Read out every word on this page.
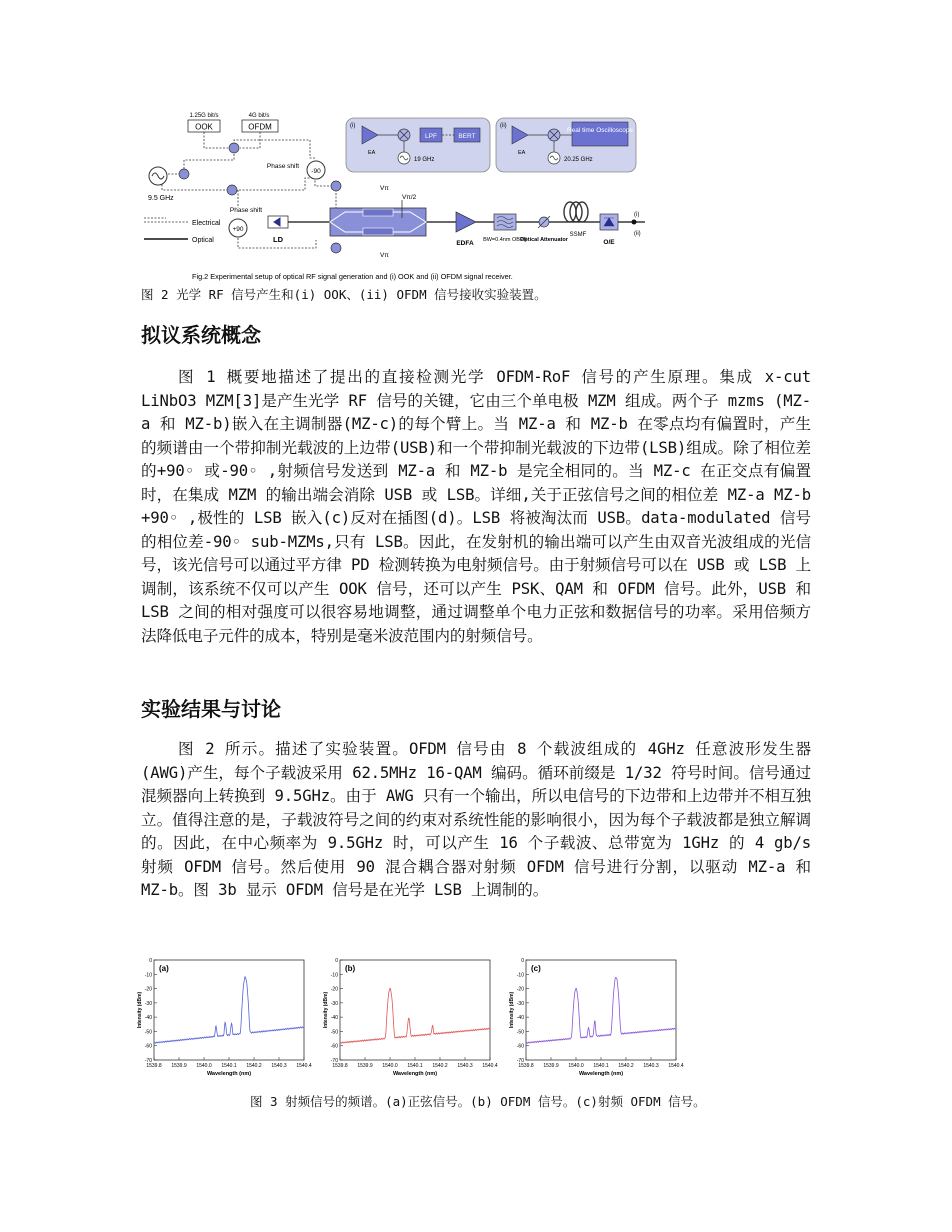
1.25G bit/s
OOK
4G bit/s
OFDM
9.5 GHz
Phase shift
-90
Phase shift
+90
Electrical
Optical	LD
Vπ
Vπ/2
Vπ
EDFA BW=0.4nm OBPF
Optical Attenuator
SSMF
O/E
(i)
(ii)
(i)
EA
19 GHz
LPF	BERT
(ii)
EA
20.25 GHz
Real time Oscilloscope
Fig.2 Experimental setup of optical RF signal generation and (i) OOK and (ii) OFDM signal receiver.
图 2 光学 RF 信号产生和(i) OOK、(ii) OFDM 信号接收实验装置。
拟议系统概念

图 1 概要地描述了提出的直接检测光学 OFDM-RoF 信号的产生原理。集成 x-cut LiNbO3 MZM[3]是产生光学 RF 信号的关键，它由三个单电极 MZM 组成。两个子 mzms (MZ-a 和 MZ-b)嵌入在主调制器(MZ-c)的每个臂上。当 MZ-a 和 MZ-b 在零点均有偏置时，产生的频谱由一个带抑制光载波的上边带(USB)和一个带抑制光载波的下边带(LSB)组成。除了相位差的+90◦ 或-90◦ ,射频信号发送到 MZ-a 和 MZ-b 是完全相同的。当 MZ-c 在正交点有偏置时，在集成 MZM 的输出端会消除 USB 或 LSB。详细,关于正弦信号之间的相位差 MZ-a MZ-b +90◦ ,极性的 LSB 嵌入(c)反对在插图(d)。LSB 将被淘汰而 USB。data-modulated 信号的相位差-90◦ sub-MZMs,只有 LSB。因此，在发射机的输出端可以产生由双音光波组成的光信号，该光信号可以通过平方律 PD 检测转换为电射频信号。由于射频信号可以在 USB 或 LSB 上调制，该系统不仅可以产生 OOK 信号，还可以产生 PSK、QAM 和 OFDM 信号。此外，USB 和 LSB 之间的相对强度可以很容易地调整，通过调整单个电力正弦和数据信号的功率。采用倍频方法降低电子元件的成本，特别是毫米波范围内的射频信号。

实验结果与讨论

图 2 所示。描述了实验装置。OFDM 信号由 8 个载波组成的 4GHz 任意波形发生器(AWG)产生，每个子载波采用 62.5MHz 16-QAM 编码。循环前缀是 1/32 符号时间。信号通过混频器向上转换到 9.5GHz。由于 AWG 只有一个输出，所以电信号的下边带和上边带并不相互独立。值得注意的是，子载波符号之间的约束对系统性能的影响很小，因为每个子载波都是独立解调的。因此，在中心频率为 9.5GHz 时，可以产生 16 个子载波、总带宽为 1GHz 的 4 gb/s 射频 OFDM 信号。然后使用 90 混合耦合器对射频 OFDM 信号进行分割，以驱动 MZ-a 和 MZ-b。图 3b 显示 OFDM 信号是在光学 LSB 上调制的。

0
-10
-20
-30
-40
-50
-60
-70
1539.8 1539.9 1540.0 1540.1 1540.2 1540.3 1540.4
Wavelength (nm)
Intensity (dBm)
(a)
0
-10
-20
-30
-40
-50
-60
-70
1539.8 1539.9 1540.0 1540.1 1540.2 1540.3 1540.4
Wavelength (nm)
Intensity (dBm)
(b)
0
-10
-20
-30
-40
-50
-60
-70
1539.8 1539.9 1540.0 1540.1 1540.2 1540.3 1540.4
Wavelength (nm)
Intensity (dBm)
(c)
图 3 射频信号的频谱。(a)正弦信号。(b) OFDM 信号。(c)射频 OFDM 信号。
